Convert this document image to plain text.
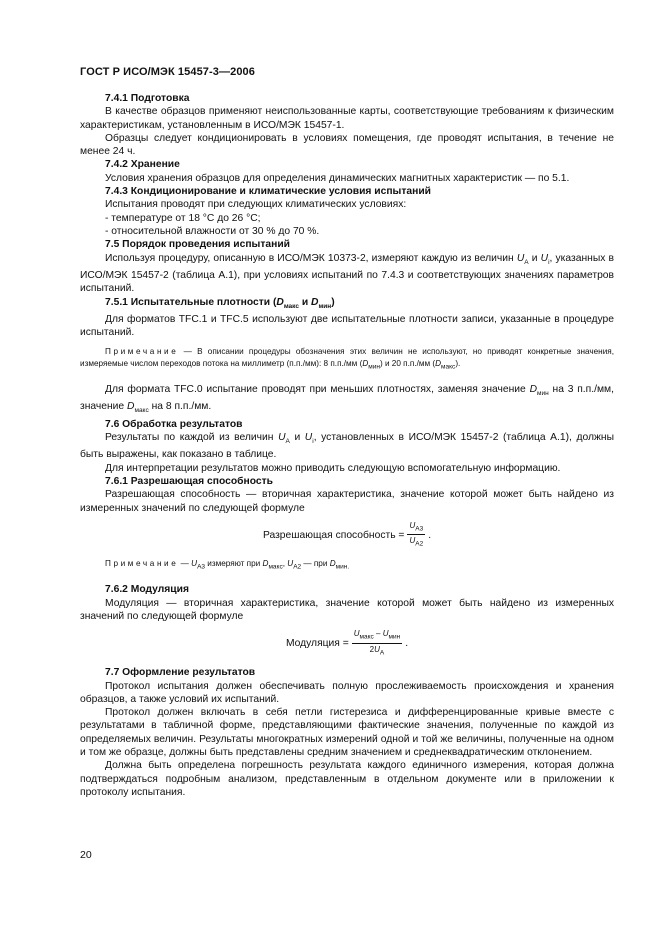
ГОСТ Р ИСО/МЭК 15457-3—2006

7.4.1 Подготовка

В качестве образцов применяют неиспользованные карты, соответствующие требованиям к физическим характеристикам, установленным в ИСО/МЭК 15457-1.

Образцы следует кондиционировать в условиях помещения, где проводят испытания, в течение не менее 24 ч.

7.4.2 Хранение

Условия хранения образцов для определения динамических магнитных характеристик — по 5.1.

7.4.3 Кондиционирование и климатические условия испытаний

Испытания проводят при следующих климатических условиях:

- температуре от 18 °С до 26 °С;

- относительной влажности от 30 % до 70 %.

7.5 Порядок проведения испытаний

Используя процедуру, описанную в ИСО/МЭК 10373-2, измеряют каждую из величин $U_A$ и $U_i$, указанных в ИСО/МЭК 15457-2 (таблица А.1), при условиях испытаний по 7.4.3 и соответствующих значениях параметров испытаний.

7.5.1 Испытательные плотности ($D_{макс}$ и $D_{мин}$)

Для форматов TFC.1 и TFC.5 используют две испытательные плотности записи, указанные в процедуре испытаний.

Примечание — В описании процедуры обозначения этих величин не используют, но приводят конкретные значения, измеряемые числом переходов потока на миллиметр (п.п./мм): 8 п.п./мм $(D_{мин})$ и 20 п.п./мм $(D_{макс})$.

Для формата TFC.0 испытание проводят при меньших плотностях, заменяя значение $D_{мин}$ на 3 п.п./мм, значение $D_{макс}$ на 8 п.п./мм.

7.6 Обработка результатов

Результаты по каждой из величин $U_A$ и $U_i$, установленных в ИСО/МЭК 15457-2 (таблица А.1), должны быть выражены, как показано в таблице.

Для интерпретации результатов можно приводить следующую вспомогательную информацию.

7.6.1 Разрешающая способность

Разрешающая способность — вторичная характеристика, значение которой может быть найдено из измеренных значений по следующей формуле

Разрешающая способность = $\frac{U_{A3}}{U_{A2}}$ .

Примечание — $U_{A3}$ измеряют при $D_{макс}$, $U_{A2}$ — при $D_{мин.}$

7.6.2 Модуляция

Модуляция — вторичная характеристика, значение которой может быть найдено из измеренных значений по следующей формуле

Модуляция = $\frac{U_{макс} - U_{мин}}{2U_A}$ .

7.7 Оформление результатов

Протокол испытания должен обеспечивать полную прослеживаемость происхождения и хранения образцов, а также условий их испытаний.

Протокол должен включать в себя петли гистерезиса и дифференцированные кривые вместе с результатами в табличной форме, представляющими фактические значения, полученные по каждой из определяемых величин. Результаты многократных измерений одной и той же величины, полученные на одном и том же образце, должны быть представлены средним значением и среднеквадратическим отклонением.

Должна быть определена погрешность результата каждого единичного измерения, которая должна подтверждаться подробным анализом, представленным в отдельном документе или в приложении к протоколу испытания.

20
